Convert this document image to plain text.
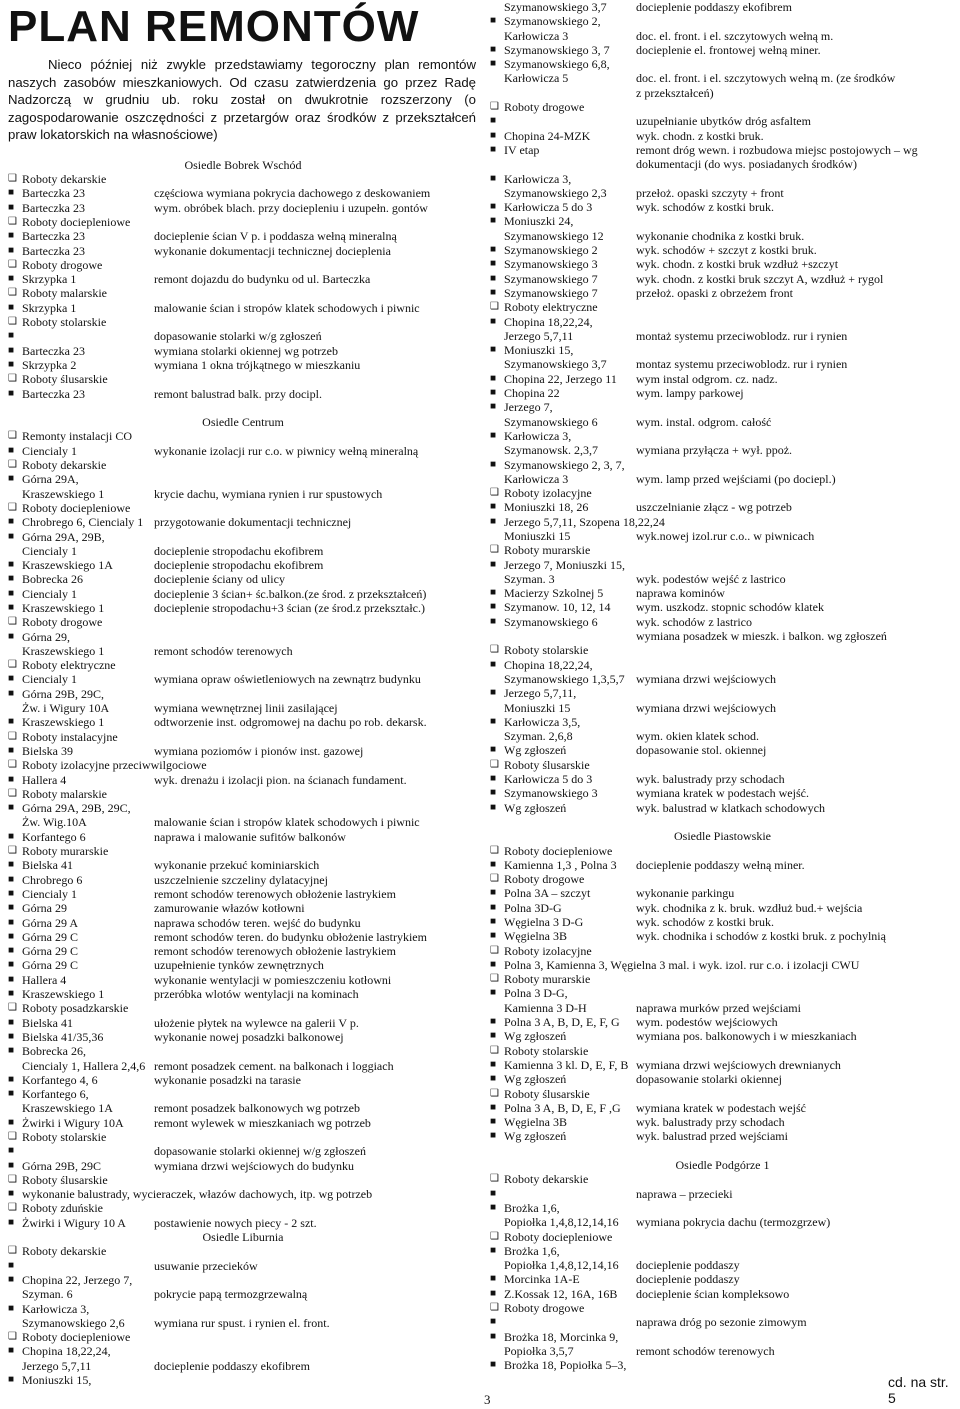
PLAN REMONTÓW

Nieco później niż zwykle przedstawiamy tegoroczny plan remontów naszych zasobów mieszkaniowych. Od czasu zatwierdzenia go przez Radę Nadzorczą w grudniu ub. roku został on dwukrotnie rozszerzony (o zagospodarowanie oszczędności z przetargów oraz środków z przekształceń praw lokatorskich na własnościowe)

Osiedle Bobrek Wschód
❑ Roboty dekarskie
■ Barteczka 23	częściowa wymiana pokrycia dachowego z deskowaniem
■ Barteczka 23	wym. obróbek blach. przy dociepleniu i uzupełn. gontów
❑ Roboty dociepleniowe
■ Barteczka 23	docieplenie ścian V p. i poddasza wełną mineralną
■ Barteczka 23	wykonanie dokumentacji technicznej docieplenia
❑ Roboty drogowe
■ Skrzypka 1	remont dojazdu do budynku od ul. Barteczka
❑ Roboty malarskie
■ Skrzypka 1	malowanie ścian i stropów klatek schodowych i piwnic
❑ Roboty stolarskie
■	dopasowanie stolarki w/g zgłoszeń
■ Barteczka 23	wymiana stolarki okiennej wg potrzeb
■ Skrzypka 2	wymiana 1 okna trójkątnego w mieszkaniu
❑ Roboty ślusarskie
■ Barteczka 23	remont balustrad balk. przy docipl.
Osiedle Centrum
❑ Remonty instalacji CO
■ Ciencialy 1	wykonanie izolacji rur c.o. w piwnicy wełną mineralną
❑ Roboty dekarskie
■ Górna 29A,
Kraszewskiego 1	krycie dachu, wymiana rynien i rur spustowych
❑ Roboty dociepleniowe
■ Chrobrego 6, Ciencialy 1 przygotowanie dokumentacji technicznej
■ Górna 29A, 29B,
Ciencialy 1	docieplenie stropodachu ekofibrem
■ Kraszewskiego 1A	docieplenie stropodachu ekofibrem
■ Bobrecka 26	docieplenie ściany od ulicy
■ Ciencialy 1	docieplenie 3 ścian+ śc.balkon.(ze środ. z przekształceń)
■ Kraszewskiego 1	docieplenie stropodachu+3 ścian (ze środ.z przekształc.)
❑ Roboty drogowe
■ Górna 29,
Kraszewskiego 1	remont schodów terenowych
❑ Roboty elektryczne
■ Ciencialy 1	wymiana opraw oświetleniowych na zewnątrz budynku
■ Górna 29B, 29C,
Żw. i Wigury 10A	wymiana wewnętrznej linii zasilającej
■ Kraszewskiego 1	odtworzenie inst. odgromowej na dachu po rob. dekarsk.
❑ Roboty instalacyjne
■ Bielska 39	wymiana poziomów i pionów inst. gazowej
❑ Roboty izolacyjne przeciwwilgociowe
■ Hallera 4	wyk. drenażu i izolacji pion. na ścianach fundament.
❑ Roboty malarskie
■ Górna 29A, 29B, 29C,
Żw. Wig.10A	malowanie ścian i stropów klatek schodowych i piwnic
■ Korfantego 6	naprawa i malowanie sufitów balkonów
❑ Roboty murarskie
■ Bielska 41	wykonanie przekuć kominiarskich
■ Chrobrego 6	uszczelnienie szczeliny dylatacyjnej
■ Ciencialy 1	remont schodów terenowych obłożenie lastrykiem
■ Górna 29	zamurowanie włazów kotłowni
■ Górna 29 A	naprawa schodów teren. wejść do budynku
■ Górna 29 C	remont schodów teren. do budynku obłożenie lastrykiem
■ Górna 29 C	remont schodów terenowych obłożenie lastrykiem
■ Górna 29 C	uzupełnienie tynków zewnętrznych
■ Hallera 4	wykonanie wentylacji w pomieszczeniu kotłowni
■ Kraszewskiego 1	przeróbka wlotów wentylacji na kominach
❑ Roboty posadzkarskie
■ Bielska 41	ułożenie płytek na wylewce na galerii V p.
■ Bielska 41/35,36	wykonanie nowej posadzki balkonowej
■ Bobrecka 26,
Ciencialy 1, Hallera 2,4,6 remont posadzek cement. na balkonach i loggiach
■ Korfantego 4, 6	wykonanie posadzki na tarasie
■ Korfantego 6,
Kraszewskiego 1A	remont posadzek balkonowych wg potrzeb
■ Żwirki i Wigury 10A	remont wylewek w mieszkaniach wg potrzeb
❑ Roboty stolarskie
■	dopasowanie stolarki okiennej w/g zgłoszeń
■ Górna 29B, 29C	wymiana drzwi wejściowych do budynku
❑ Roboty ślusarskie
■ wykonanie balustrady, wycieraczek, włazów dachowych, itp. wg potrzeb
❑ Roboty zduńskie
■ Żwirki i Wigury 10 A	postawienie nowych piecy - 2 szt.
Osiedle Liburnia
❑ Roboty dekarskie
■	usuwanie przecieków
■ Chopina 22, Jerzego 7,
Szyman. 6	pokrycie papą termozgrzewalną
■ Karłowicza 3,
Szymanowskiego 2,6	wymiana rur spust. i rynien el. front.
❑ Roboty dociepleniowe
■ Chopina 18,22,24,
Jerzego 5,7,11	docieplenie poddaszy ekofibrem
■ Moniuszki 15,
Szymanowskiego 3,7	docieplenie poddaszy ekofibrem
■ Szymanowskiego 2,
Karłowicza 3	doc. el. front. i el. szczytowych wełną m.
■ Szymanowskiego 3, 7	docieplenie el. frontowej wełną miner.
■ Szymanowskiego 6,8,
Karłowicza 5	doc. el. front. i el. szczytowych wełną m. (ze środków
z przekształceń)
❑ Roboty drogowe
■	uzupełnianie ubytków dróg asfaltem
■ Chopina 24-MZK	wyk. chodn. z kostki bruk.
■ IV etap	remont dróg wewn. i rozbudowa miejsc postojowych – wg
dokumentacji (do wys. posiadanych środków)
■ Karłowicza 3,
Szymanowskiego 2,3	przełoż. opaski szczyty + front
■ Karłowicza 5 do 3	wyk. schodów z kostki bruk.
■ Moniuszki 24,
Szymanowskiego 12	wykonanie chodnika z kostki bruk.
■ Szymanowskiego 2	wyk. schodów + szczyt z kostki bruk.
■ Szymanowskiego 3	wyk. chodn. z kostki bruk wzdłuż +szczyt
■ Szymanowskiego 7	wyk. chodn. z kostki bruk szczyt A, wzdłuż + rygol
■ Szymanowskiego 7	przełoż. opaski z obrzeżem front
❑ Roboty elektryczne
■ Chopina 18,22,24,
Jerzego 5,7,11	montaż systemu przeciwoblodz. rur i rynien
■ Moniuszki 15,
Szymanowskiego 3,7	montaz systemu przeciwoblodz. rur i rynien
■ Chopina 22, Jerzego 11	wym instal odgrom. cz. nadz.
■ Chopina 22	wym. lampy parkowej
■ Jerzego 7,
Szymanowskiego 6	wym. instal. odgrom. całość
■ Karłowicza 3,
Szymanowsk. 2,3,7	wymiana przyłącza + wył. ppoż.
■ Szymanowskiego 2, 3, 7,
Karłowicza 3	wym. lamp przed wejściami (po dociepl.)
❑ Roboty izolacyjne
■ Moniuszki 18, 26	uszczelnianie złącz - wg potrzeb
■ Jerzego 5,7,11, Szopena 18,22,24
Moniuszki 15	wyk.nowej izol.rur c.o.. w piwnicach
❑ Roboty murarskie
■ Jerzego 7, Moniuszki 15,
Szyman. 3	wyk. podestów wejść z lastrico
■ Macierzy Szkolnej 5	naprawa kominów
■ Szymanow. 10, 12, 14	wym. uszkodz. stopnic schodów klatek
■ Szymanowskiego 6	wyk. schodów z lastrico
wymiana posadzek w mieszk. i balkon. wg zgłoszeń
❑ Roboty stolarskie
■ Chopina 18,22,24,
Szymanowskiego 1,3,5,7 wymiana drzwi wejściowych
■ Jerzego 5,7,11,
Moniuszki 15	wymiana drzwi wejściowych
■ Karłowicza 3,5,
Szyman. 2,6,8	wym. okien klatek schod.
■ Wg zgłoszeń	dopasowanie stol. okiennej
❑ Roboty ślusarskie
■ Karłowicza 5 do 3	wyk. balustrady przy schodach
■ Szymanowskiego 3	wymiana kratek w podestach wejść.
■ Wg zgłoszeń	wyk. balustrad w klatkach schodowych
Osiedle Piastowskie
❑ Roboty dociepleniowe
■ Kamienna 1,3 , Polna 3	docieplenie poddaszy wełną miner.
❑ Roboty drogowe
■ Polna 3A – szczyt	wykonanie parkingu
■ Polna 3D-G	wyk. chodnika z k. bruk. wzdłuż bud.+ wejścia
■ Węgielna 3 D-G	wyk. schodów z kostki bruk.
■ Węgielna 3B	wyk. chodnika i schodów z kostki bruk. z pochylnią
❑ Roboty izolacyjne
■ Polna 3, Kamienna 3, Węgielna 3 mal. i wyk. izol. rur c.o. i izolacji CWU
❑ Roboty murarskie
■ Polna 3 D-G,
Kamienna 3 D-H	naprawa murków przed wejściami
■ Polna 3 A, B, D, E, F, G	wym. podestów wejściowych
■ Wg zgłoszeń	wymiana pos. balkonowych i w mieszkaniach
❑ Roboty stolarskie
■ Kamienna 3 kl. D, E, F, B wymiana drzwi wejściowych drewnianych
■ Wg zgłoszeń	dopasowanie stolarki okiennej
❑ Roboty ślusarskie
■ Polna 3 A, B, D, E, F ,G	wymiana kratek w podestach wejść
■ Węgielna 3B	wyk. balustrady przy schodach
■ Wg zgłoszeń	wyk. balustrad przed wejściami
Osiedle Podgórze 1
❑ Roboty dekarskie
■	naprawa – przecieki
■ Brożka 1,6,
Popiołka 1,4,8,12,14,16	wymiana pokrycia dachu (termozgrzew)
❑ Roboty dociepleniowe
■ Brożka 1,6,
Popiołka 1,4,8,12,14,16	docieplenie poddaszy
■ Morcinka 1A-E	docieplenie poddaszy
■ Z.Kossak 12, 16A, 16B	docieplenie ścian kompleksowo
❑ Roboty drogowe
■	naprawa dróg po sezonie zimowym
■ Brożka 18, Morcinka 9,
Popiołka 3,5,7	remont schodów terenowych
■ Brożka 18, Popiołka 5–3,
3
cd. na str. 5
